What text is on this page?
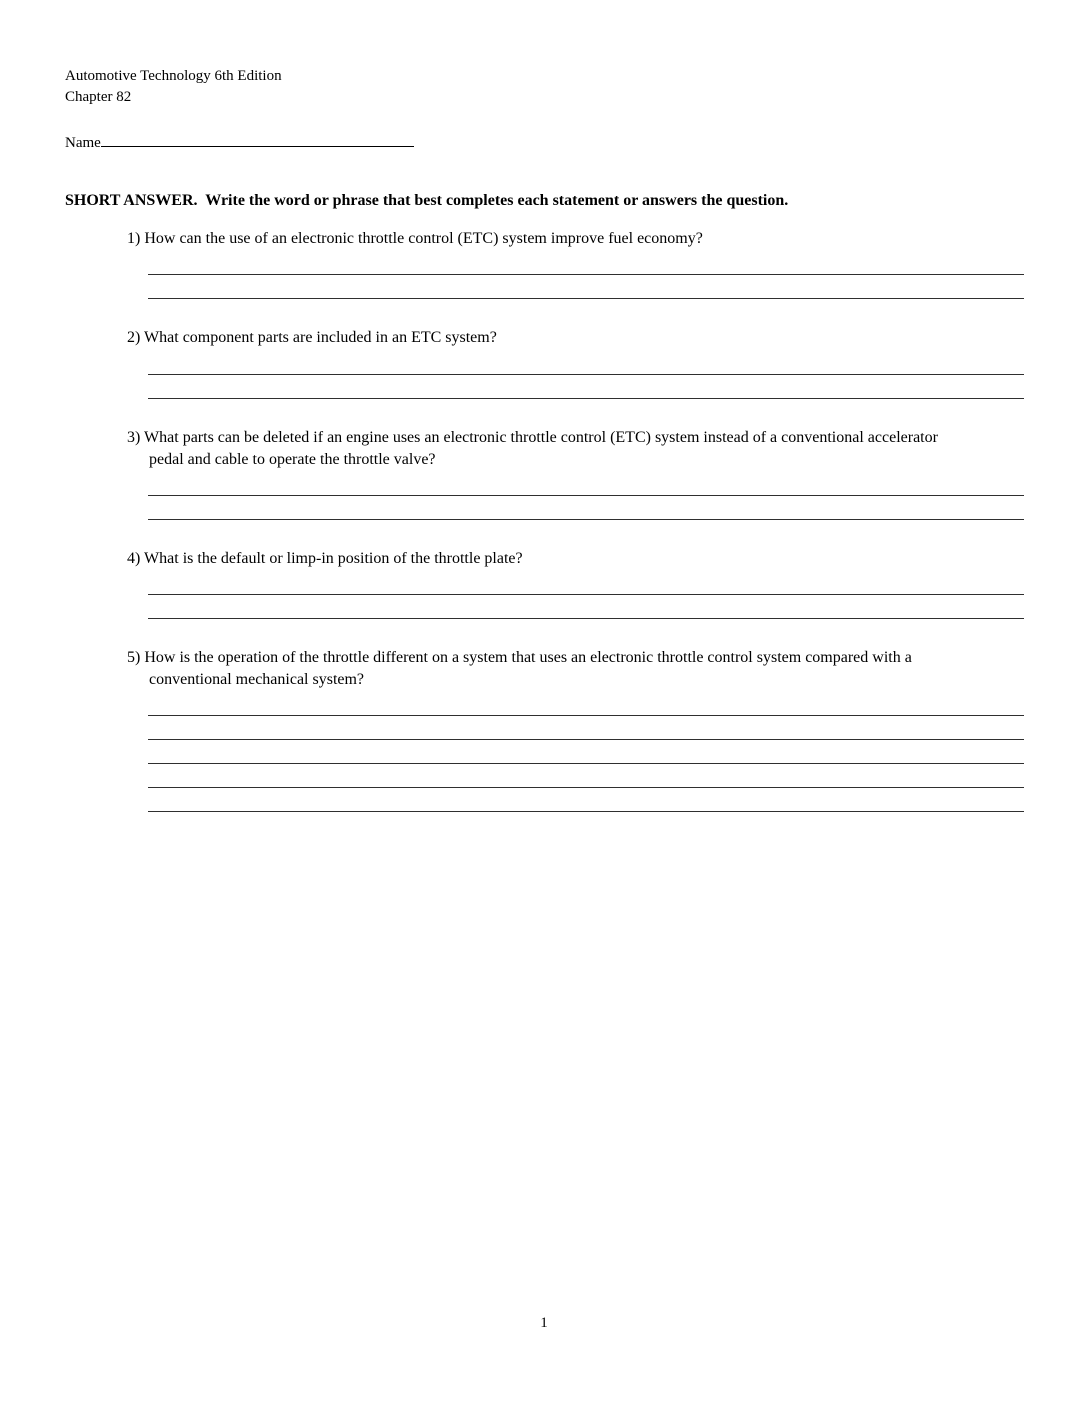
Automotive Technology 6th Edition
Chapter 82
Name
SHORT ANSWER.  Write the word or phrase that best completes each statement or answers the question.

1) How can the use of an electronic throttle control (ETC) system improve fuel economy?

2) What component parts are included in an ETC system?

3) What parts can be deleted if an engine uses an electronic throttle control (ETC) system instead of a conventional accelerator pedal and cable to operate the throttle valve?

4) What is the default or limp-in position of the throttle plate?

5) How is the operation of the throttle different on a system that uses an electronic throttle control system compared with a conventional mechanical system?

1
